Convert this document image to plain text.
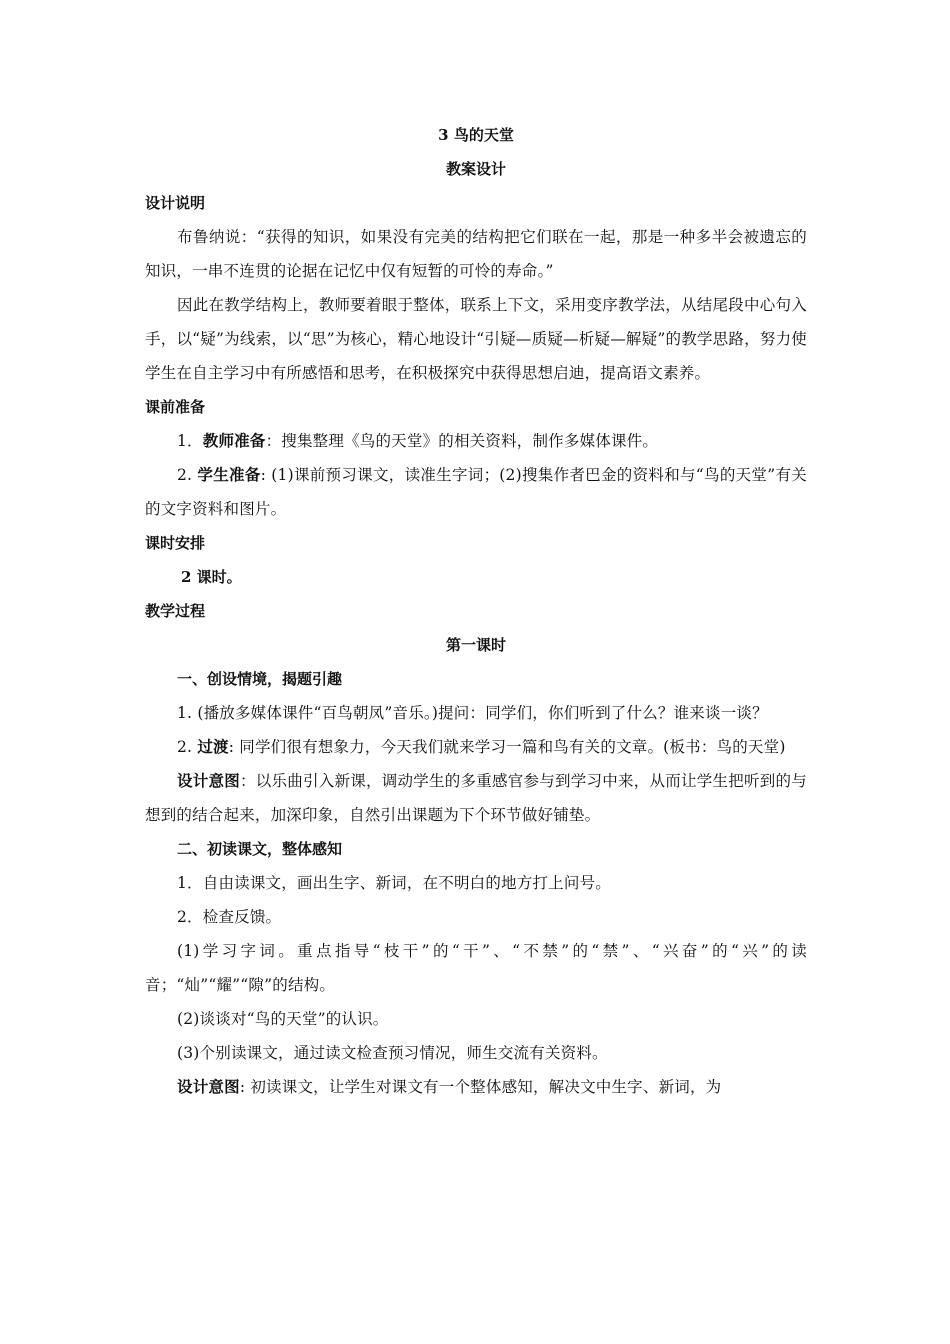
3 鸟的天堂
教案设计
设计说明
布鲁纳说：“获得的知识，如果没有完美的结构把它们联在一起，那是一种多半会被遗忘的知识，一串不连贯的论据在记忆中仅有短暂的可怜的寿命。”
因此在教学结构上，教师要着眼于整体，联系上下文，采用变序教学法，从结尾段中心句入手，以“疑”为线索，以“思”为核心，精心地设计“引疑—质疑—析疑—解疑”的教学思路，努力使学生在自主学习中有所感悟和思考，在积极探究中获得思想启迪，提高语文素养。
课前准备
1．教师准备：搜集整理《鸟的天堂》的相关资料，制作多媒体课件。
2. 学生准备: (1)课前预习课文，读准生字词；(2)搜集作者巴金的资料和与“鸟的天堂”有关的文字资料和图片。
课时安排
2 课时。
教学过程
第一课时
一、创设情境，揭题引趣
1. (播放多媒体课件“百鸟朝凤”音乐。)提问：同学们，你们听到了什么？谁来谈一谈？
2. 过渡: 同学们很有想象力，今天我们就来学习一篇和鸟有关的文章。(板书：鸟的天堂)
设计意图：以乐曲引入新课，调动学生的多重感官参与到学习中来，从而让学生把听到的与想到的结合起来，加深印象，自然引出课题为下个环节做好铺垫。
二、初读课文，整体感知
1．自由读课文，画出生字、新词，在不明白的地方打上问号。
2．检查反馈。
(1)学习字词。重点指导“枝干”的“干”、“不禁”的“禁”、“兴奋”的“兴”的读音；“灿”“耀”“隙”的结构。
(2)谈谈对“鸟的天堂”的认识。
(3)个别读课文，通过读文检查预习情况，师生交流有关资料。
设计意图: 初读课文，让学生对课文有一个整体感知，解决文中生字、新词，为
